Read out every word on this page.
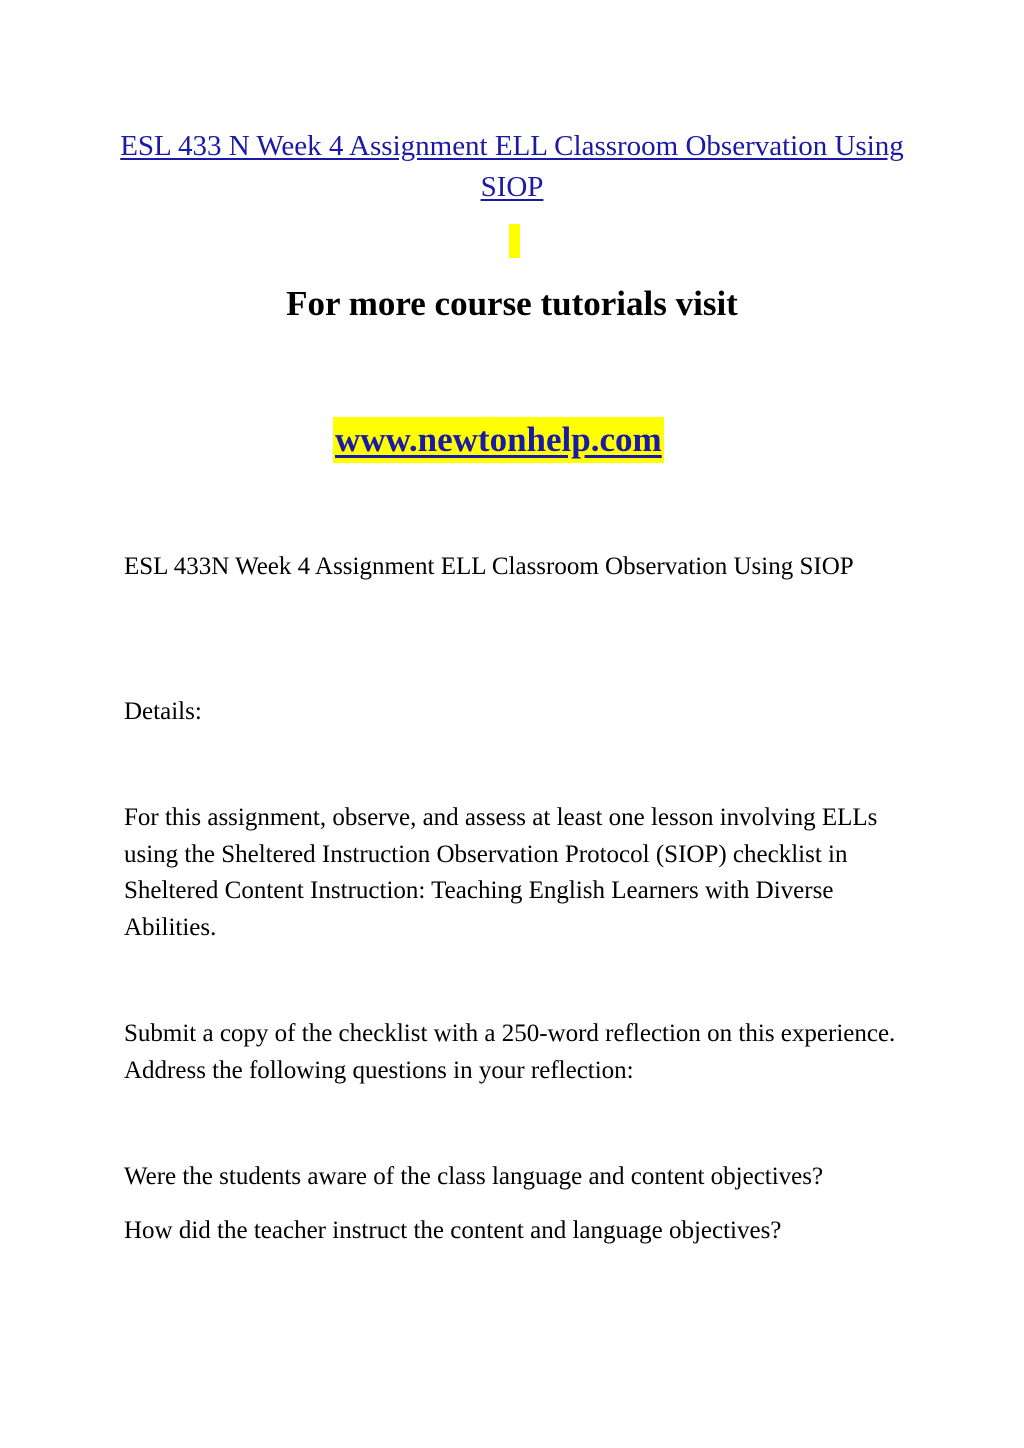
ESL 433 N Week 4 Assignment ELL Classroom Observation Using SIOP
For more course tutorials visit
www.newtonhelp.com

ESL 433N Week 4 Assignment ELL Classroom Observation Using SIOP

Details:

For this assignment, observe, and assess at least one lesson involving ELLs using the Sheltered Instruction Observation Protocol (SIOP) checklist in Sheltered Content Instruction: Teaching English Learners with Diverse Abilities.

Submit a copy of the checklist with a 250-word reflection on this experience. Address the following questions in your reflection:

Were the students aware of the class language and content objectives?

How did the teacher instruct the content and language objectives?
